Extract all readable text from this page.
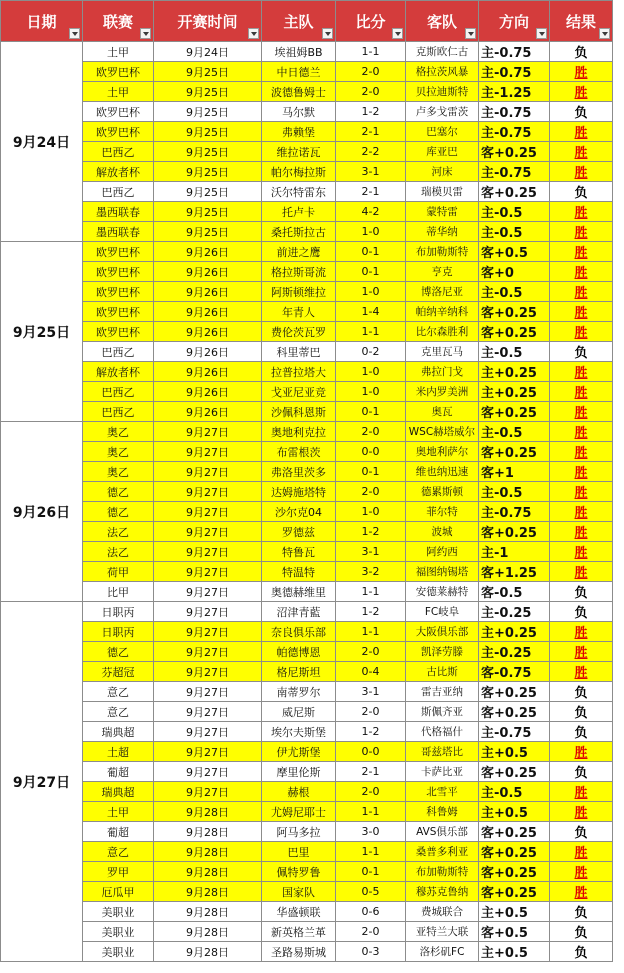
日期	联赛	开赛时间	主队	比分	客队	方向	结果

9月24日	土甲	9月24日	埃祖姆BB	1-1	克斯欧仁古	主-0.75	负
	欧罗巴杯	9月25日	中日德兰	2-0	格拉茨风暴	主-0.75	胜
	土甲	9月25日	波德鲁姆士	2-0	贝拉迪斯特	主-1.25	胜
	欧罗巴杯	9月25日	马尔默	1-2	卢多戈雷茨	主-0.75	负
	欧罗巴杯	9月25日	弗赖堡	2-1	巴塞尔	主-0.75	胜
	巴西乙	9月25日	维拉诺瓦	2-2	库亚巴	客+0.25	胜
	解放者杯	9月25日	帕尔梅拉斯	3-1	河床	主-0.75	胜
	巴西乙	9月25日	沃尔特雷东	2-1	瑞模贝雷	客+0.25	负
	墨西联春	9月25日	托卢卡	4-2	蒙特雷	主-0.5	胜
	墨西联春	9月25日	桑托斯拉古	1-0	蒂华纳	主-0.5	胜
9月25日	欧罗巴杯	9月26日	前进之鹰	0-1	布加勒斯特	客+0.5	胜
	欧罗巴杯	9月26日	格拉斯哥流	0-1	亨克	客+0	胜
	欧罗巴杯	9月26日	阿斯顿维拉	1-0	博洛尼亚	主-0.5	胜
	欧罗巴杯	9月26日	年青人	1-4	帕纳辛纳科	客+0.25	胜
	欧罗巴杯	9月26日	费伦茨瓦罗	1-1	比尔森胜利	客+0.25	胜
	巴西乙	9月26日	科里蒂巴	0-2	克里瓦马	主-0.5	负
	解放者杯	9月26日	拉普拉塔大	1-0	弗拉门戈	主+0.25	胜
	巴西乙	9月26日	戈亚尼亚竞	1-0	米内罗美洲	主+0.25	胜
	巴西乙	9月26日	沙佩科恩斯	0-1	奥瓦	客+0.25	胜
9月26日	奥乙	9月27日	奥地利克拉	2-0	WSC赫塔威尔	主-0.5	胜
	奥乙	9月27日	布雷根茨	0-0	奥地利萨尔	客+0.25	胜
	奥乙	9月27日	弗洛里茨多	0-1	维也纳迅速	客+1	胜
	德乙	9月27日	达姆施塔特	2-0	德累斯顿	主-0.5	胜
	德乙	9月27日	沙尔克04	1-0	菲尔特	主-0.75	胜
	法乙	9月27日	罗德兹	1-2	波城	客+0.25	胜
	法乙	9月27日	特鲁瓦	3-1	阿约西	主-1	胜
	荷甲	9月27日	特温特	3-2	福图纳锡塔	客+1.25	胜
	比甲	9月27日	奥德赫维里	1-1	安德莱赫特	客-0.5	负
9月27日	日职丙	9月27日	沼津青藍	1-2	FC岐阜	主-0.25	负
	日职丙	9月27日	奈良俱乐部	1-1	大阪俱乐部	主+0.25	胜
	德乙	9月27日	帕德博恩	2-0	凯泽劳滕	主-0.25	胜
	芬超冠	9月27日	格尼斯坦	0-4	古比斯	客-0.75	胜
	意乙	9月27日	南蒂罗尔	3-1	雷吉亚纳	客+0.25	负
	意乙	9月27日	威尼斯	2-0	斯佩齐亚	客+0.25	负
	瑞典超	9月27日	埃尔夫斯堡	1-2	代格福什	主-0.75	负
	土超	9月27日	伊尤斯堡	0-0	哥兹塔比	主+0.5	胜
	葡超	9月27日	摩里伦斯	2-1	卡萨比亚	客+0.25	负
	瑞典超	9月27日	赫根	2-0	北雪平	主-0.5	胜
	土甲	9月28日	尤姆尼耶士	1-1	科鲁姆	主+0.5	胜
	葡超	9月28日	阿马多拉	3-0	AVS俱乐部	客+0.25	负
	意乙	9月28日	巴里	1-1	桑普多利亚	客+0.25	胜
	罗甲	9月28日	佩特罗鲁	0-1	布加勒斯特	客+0.25	胜
	厄瓜甲	9月28日	国家队	0-5	穆苏克鲁纳	客+0.25	胜
	美职业	9月28日	华盛顿联	0-6	费城联合	主+0.5	负
	美职业	9月28日	新英格兰革	2-0	亚特兰大联	客+0.5	负
	美职业	9月28日	圣路易斯城	0-3	洛杉矶FC	主+0.5	负
